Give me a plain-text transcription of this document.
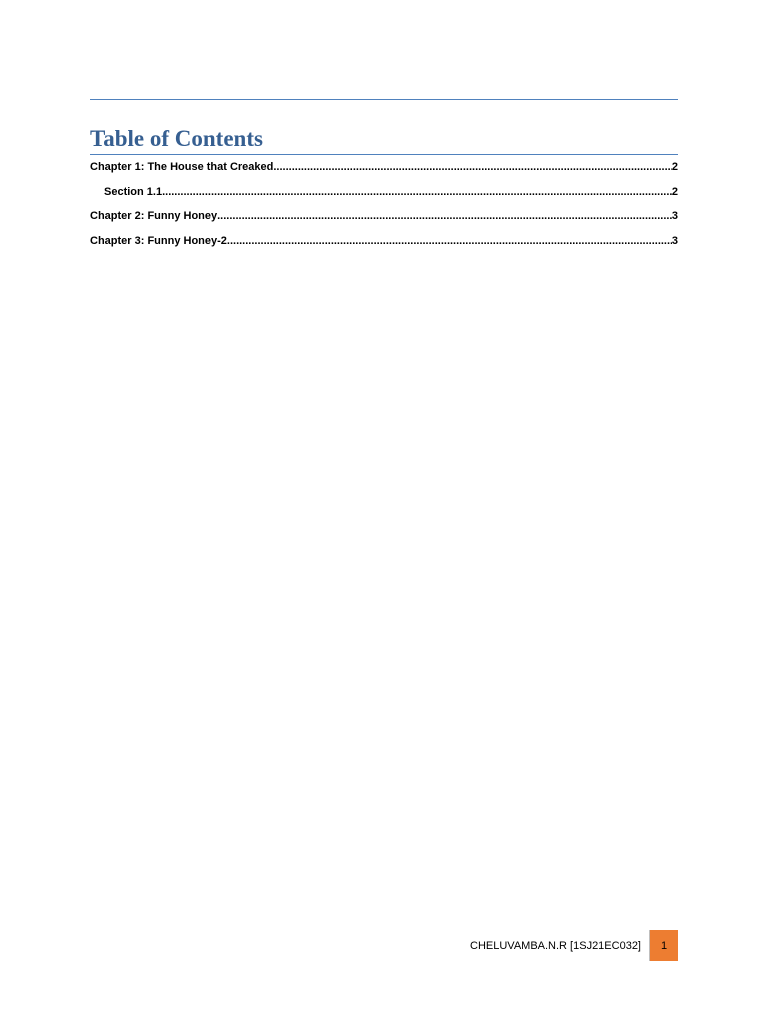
Table of Contents
Chapter 1: The House that Creaked .....	2
Section 1.1 .....	2
Chapter 2: Funny Honey .....	3
Chapter 3: Funny Honey-2 .....	3
CHELUVAMBA.N.R [1SJ21EC032]	1
